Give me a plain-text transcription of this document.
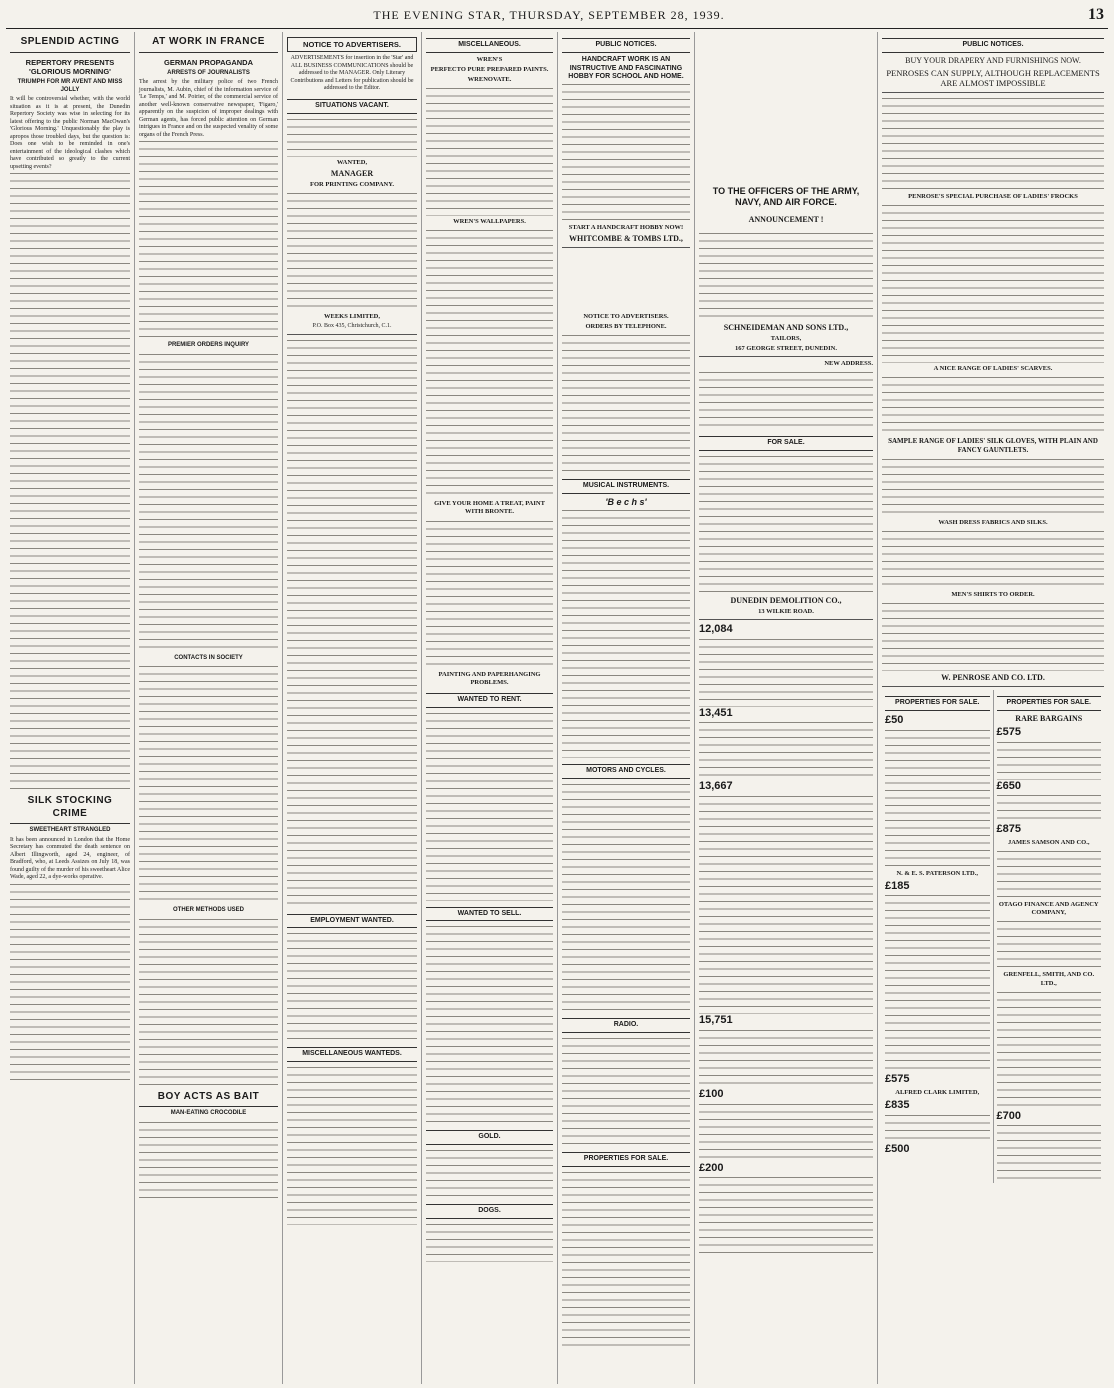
THE EVENING STAR, THURSDAY, SEPTEMBER 28, 1939.	13
SPLENDID ACTING
REPERTORY PRESENTS 'GLORIOUS MORNING'
TRIUMPH FOR MR AVENT AND MISS JOLLY
It will be controversial whether, with the world situation as it is at present, the Dunedin Repertory Society was wise in selecting for its latest offering to the public Norman MacOwan's 'Glorious Morning.' Unquestionably the play is apropos those troubled days, but the question is: Does one wish to be reminded in one's entertainment of the ideological clashes which have contributed so greatly to the current upsetting events?
SILK STOCKING CRIME
SWEETHEART STRANGLED
It has been announced in London that the Home Secretary has commuted the death sentence on Albert Illingworth, aged 24, engineer, of Bradford, who, at Leeds Assizes on July 18, was found guilty of the murder of his sweetheart Alice Wade, aged 22, a dye-works operative.
AT WORK IN FRANCE
GERMAN PROPAGANDA
ARRESTS OF JOURNALISTS
The arrest by the military police of two French journalists, M. Aubin, chief of the information service of 'Le Temps,' and M. Poirier, of the commercial service of another well-known conservative newspaper, 'Figaro,' apparently on the suspicion of improper dealings with German agents, has forced public attention on German intrigues in France and on the suspected venality of some organs of the French Press.
PREMIER ORDERS INQUIRY
CONTACTS IN SOCIETY
OTHER METHODS USED
BOY ACTS AS BAIT
MAN-EATING CROCODILE
NOTICE TO ADVERTISERS.
ADVERTISEMENTS for insertion in the 'Star' and ALL BUSINESS COMMUNICATIONS should be addressed to the MANAGER. Only Literary Contributions and Letters for publication should be addressed to the Editor.
SITUATIONS VACANT.
WANTED,
MANAGER
FOR PRINTING COMPANY.
WEEKS LIMITED,
P.O. Box 435, Christchurch, C.1.
EMPLOYMENT WANTED.
MISCELLANEOUS WANTEDS.
MISCELLANEOUS.
WREN'S
PERFECTO PURE PREPARED PAINTS.
WRENOVATE.
WREN'S WALLPAPERS.
GIVE YOUR HOME A TREAT, PAINT WITH BRONTE.
PAINTING AND PAPERHANGING PROBLEMS.
WANTED TO RENT.
WANTED TO SELL.
GOLD.
DOGS.
PUBLIC NOTICES.
HANDCRAFT WORK IS AN INSTRUCTIVE AND FASCINATING HOBBY FOR SCHOOL AND HOME.
START A HANDCRAFT HOBBY NOW!
WHITCOMBE & TOMBS LTD.,
NOTICE TO ADVERTISERS.
ORDERS BY TELEPHONE.
MUSICAL INSTRUMENTS.
'B e c h s'
MOTORS AND CYCLES.
RADIO.
PROPERTIES FOR SALE.
TO THE OFFICERS OF THE ARMY, NAVY, AND AIR FORCE.
ANNOUNCEMENT !
SCHNEIDEMAN AND SONS LTD.,
TAILORS,
167 GEORGE STREET, DUNEDIN.
NEW ADDRESS.
FOR SALE.
DUNEDIN DEMOLITION CO.,
13 WILKIE ROAD.
12,084
13,451
13,667
15,751
£100
£200
PUBLIC NOTICES.
BUY YOUR DRAPERY AND FURNISHINGS NOW.
PENROSES CAN SUPPLY, ALTHOUGH REPLACEMENTS ARE ALMOST IMPOSSIBLE
PENROSE'S SPECIAL PURCHASE OF LADIES' FROCKS
A NICE RANGE OF LADIES' SCARVES.
SAMPLE RANGE OF LADIES' SILK GLOVES, WITH PLAIN AND FANCY GAUNTLETS.
WASH DRESS FABRICS AND SILKS.
MEN'S SHIRTS TO ORDER.
W. PENROSE AND CO. LTD.
PROPERTIES FOR SALE.
£50
N. & E. S. PATERSON LTD.,
£185
£575
ALFRED CLARK LIMITED,
£835
£500
PROPERTIES FOR SALE.
RARE BARGAINS
£575
£650
£875
JAMES SAMSON AND CO.,
OTAGO FINANCE AND AGENCY COMPANY,
GRENFELL, SMITH, AND CO. LTD.,
£700
